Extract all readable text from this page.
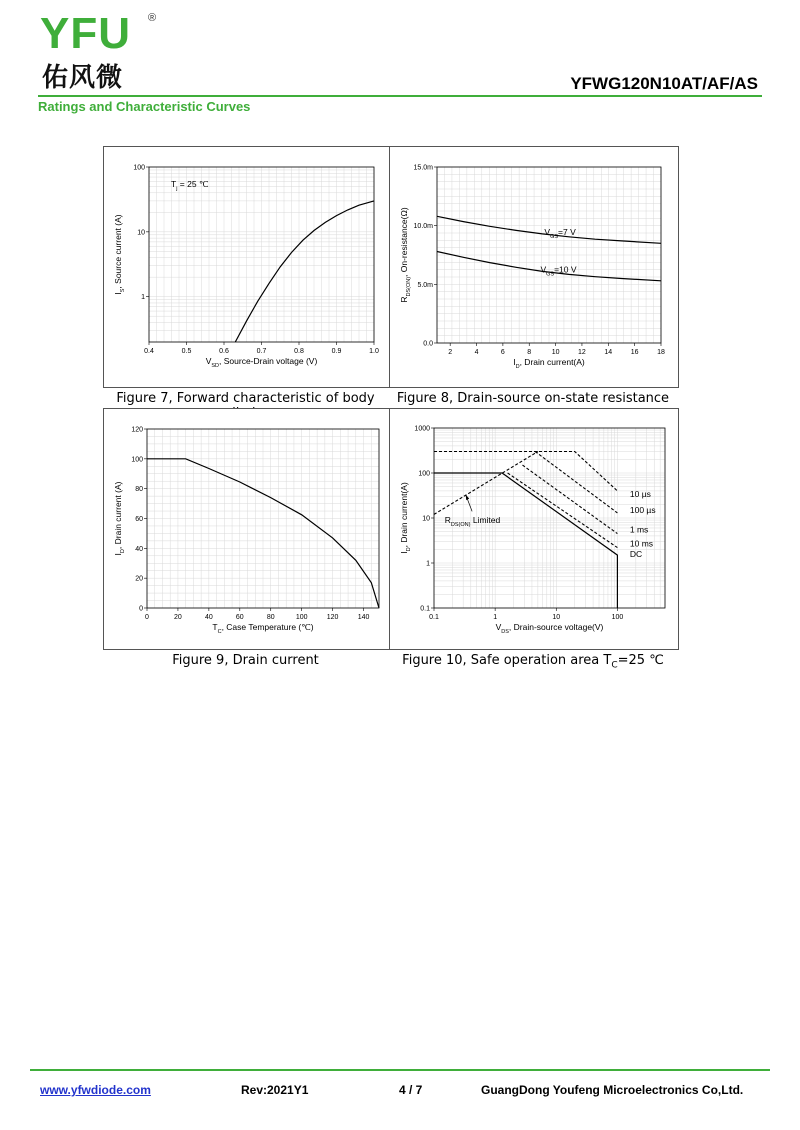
YFU ®
佑风微	YFWG120N10AT/AF/AS
Ratings and Characteristic Curves
0.4	0.5	0.6	0.7	0.8	0.9	1.0
1
10
100
$V_{SD}$, Source-Drain voltage (V)
$I_S$, Source current (A)
$T_j = 25$ ℃
2	4	6	8	10	12	14	16	18
0.0
5.0m
10.0m
15.0m
$I_D$, Drain current(A)
$R_{DS(ON)}$, On-resistance(Ω)	$V_{GS}=7$ V
$V_{GS}=10$ V
Figure 7, Forward characteristic of body	Figure 8, Drain-source on-state resistance
0	20	40	60	80	100	120	140
0
20
40
60
80
100
120
$T_C$, Case Temperature (℃)
$I_D$, Drain current (A)
0.1	1	10	100
0.1
1
10
100
1000
$V_{DS}$, Drain-source voltage(V)
$I_D$, Drain current(A)	10 µs
100 µs
1 ms
10 ms
DC
$R_{DS(ON)}$ Limited
Figure 9, Drain current	Figure 10, Safe operation area $T_C=25$ ℃
www.yfwdiode.com	Rev:2021Y1	4 / 7	GuangDong Youfeng Microelectronics Co,Ltd.
